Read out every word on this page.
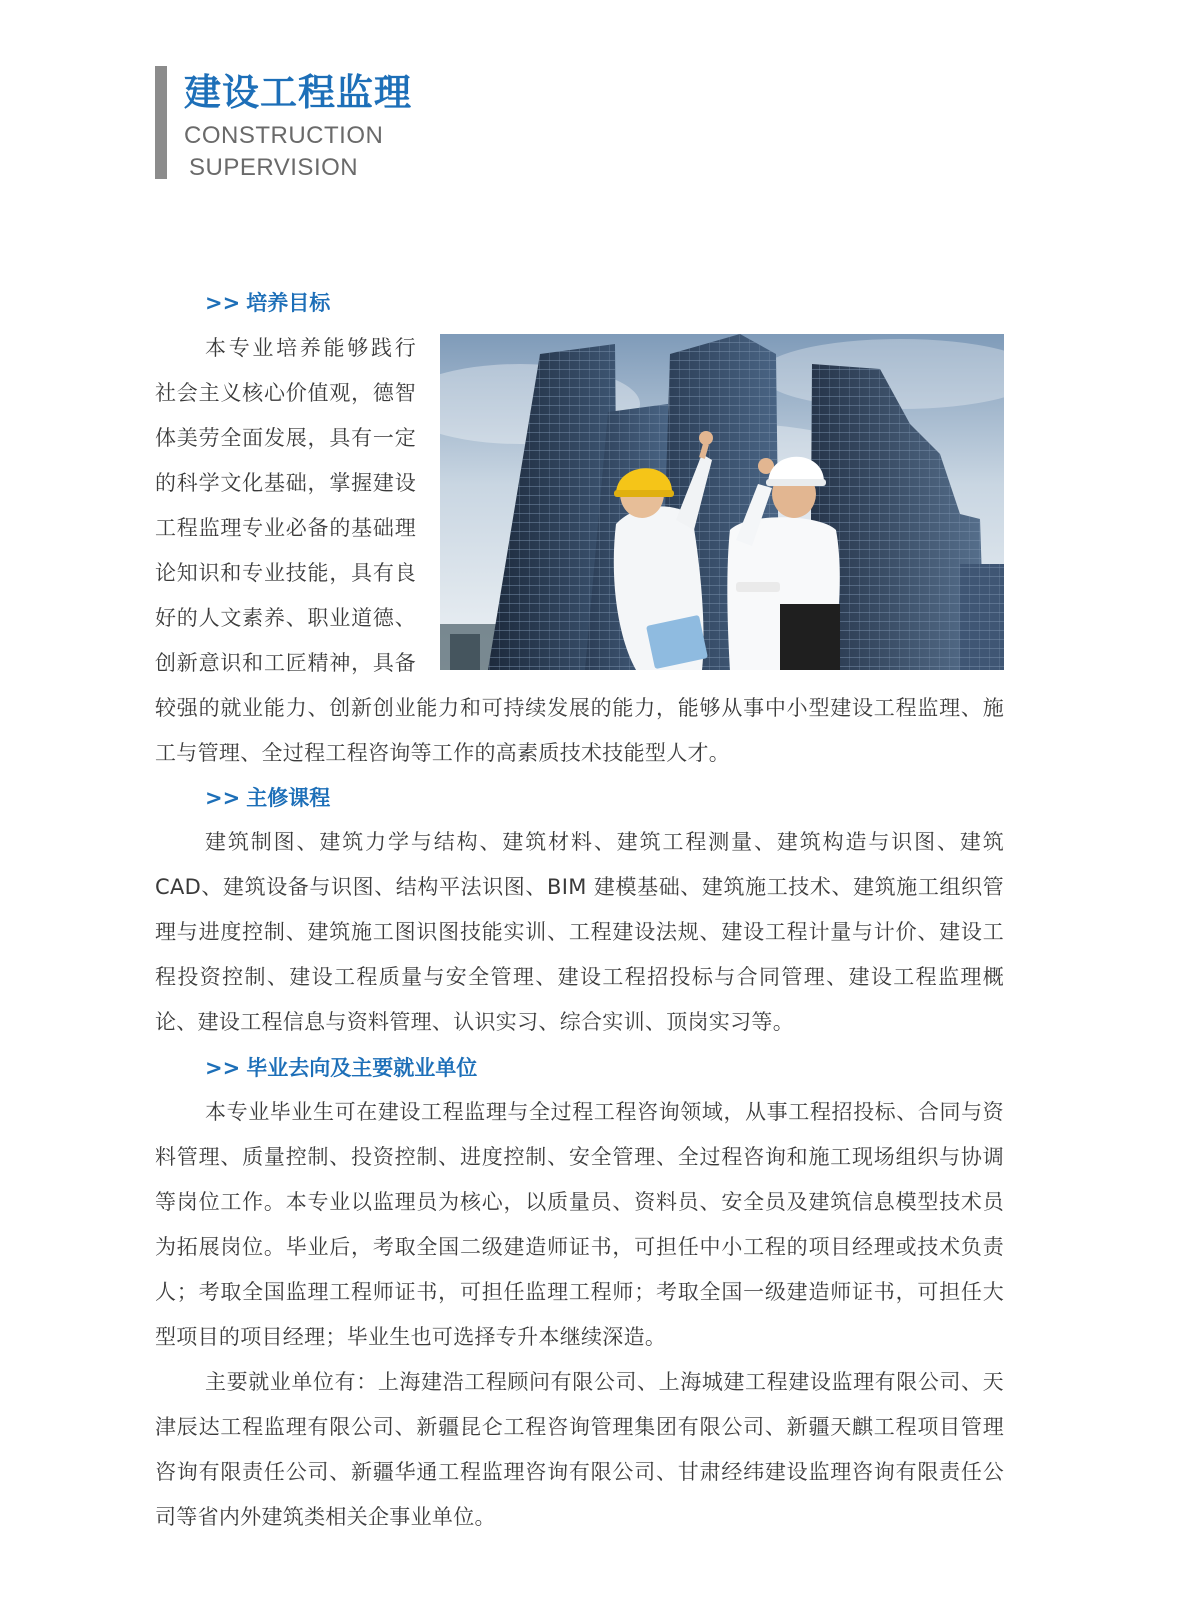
建设工程监理
CONSTRUCTION
SUPERVISION
>> 培养目标
本专业培养能够践行社会主义核心价值观，德智体美劳全面发展，具有一定的科学文化基础，掌握建设工程监理专业必备的基础理论知识和专业技能，具有良好的人文素养、职业道德、创新意识和工匠精神，具备较强的就业能力、创新创业能力和可持续发展的能力，能够从事中小型建设工程监理、施工与管理、全过程工程咨询等工作的高素质技术技能型人才。
>> 主修课程

建筑制图、建筑力学与结构、建筑材料、建筑工程测量、建筑构造与识图、建筑 CAD、建筑设备与识图、结构平法识图、BIM 建模基础、建筑施工技术、建筑施工组织管理与进度控制、建筑施工图识图技能实训、工程建设法规、建设工程计量与计价、建设工程投资控制、建设工程质量与安全管理、建设工程招投标与合同管理、建设工程监理概论、建设工程信息与资料管理、认识实习、综合实训、顶岗实习等。

>> 毕业去向及主要就业单位

本专业毕业生可在建设工程监理与全过程工程咨询领域，从事工程招投标、合同与资料管理、质量控制、投资控制、进度控制、安全管理、全过程咨询和施工现场组织与协调等岗位工作。本专业以监理员为核心，以质量员、资料员、安全员及建筑信息模型技术员为拓展岗位。毕业后，考取全国二级建造师证书，可担任中小工程的项目经理或技术负责人；考取全国监理工程师证书，可担任监理工程师；考取全国一级建造师证书，可担任大型项目的项目经理；毕业生也可选择专升本继续深造。

主要就业单位有：上海建浩工程顾问有限公司、上海城建工程建设监理有限公司、天津辰达工程监理有限公司、新疆昆仑工程咨询管理集团有限公司、新疆天麒工程项目管理咨询有限责任公司、新疆华通工程监理咨询有限公司、甘肃经纬建设监理咨询有限责任公司等省内外建筑类相关企事业单位。
